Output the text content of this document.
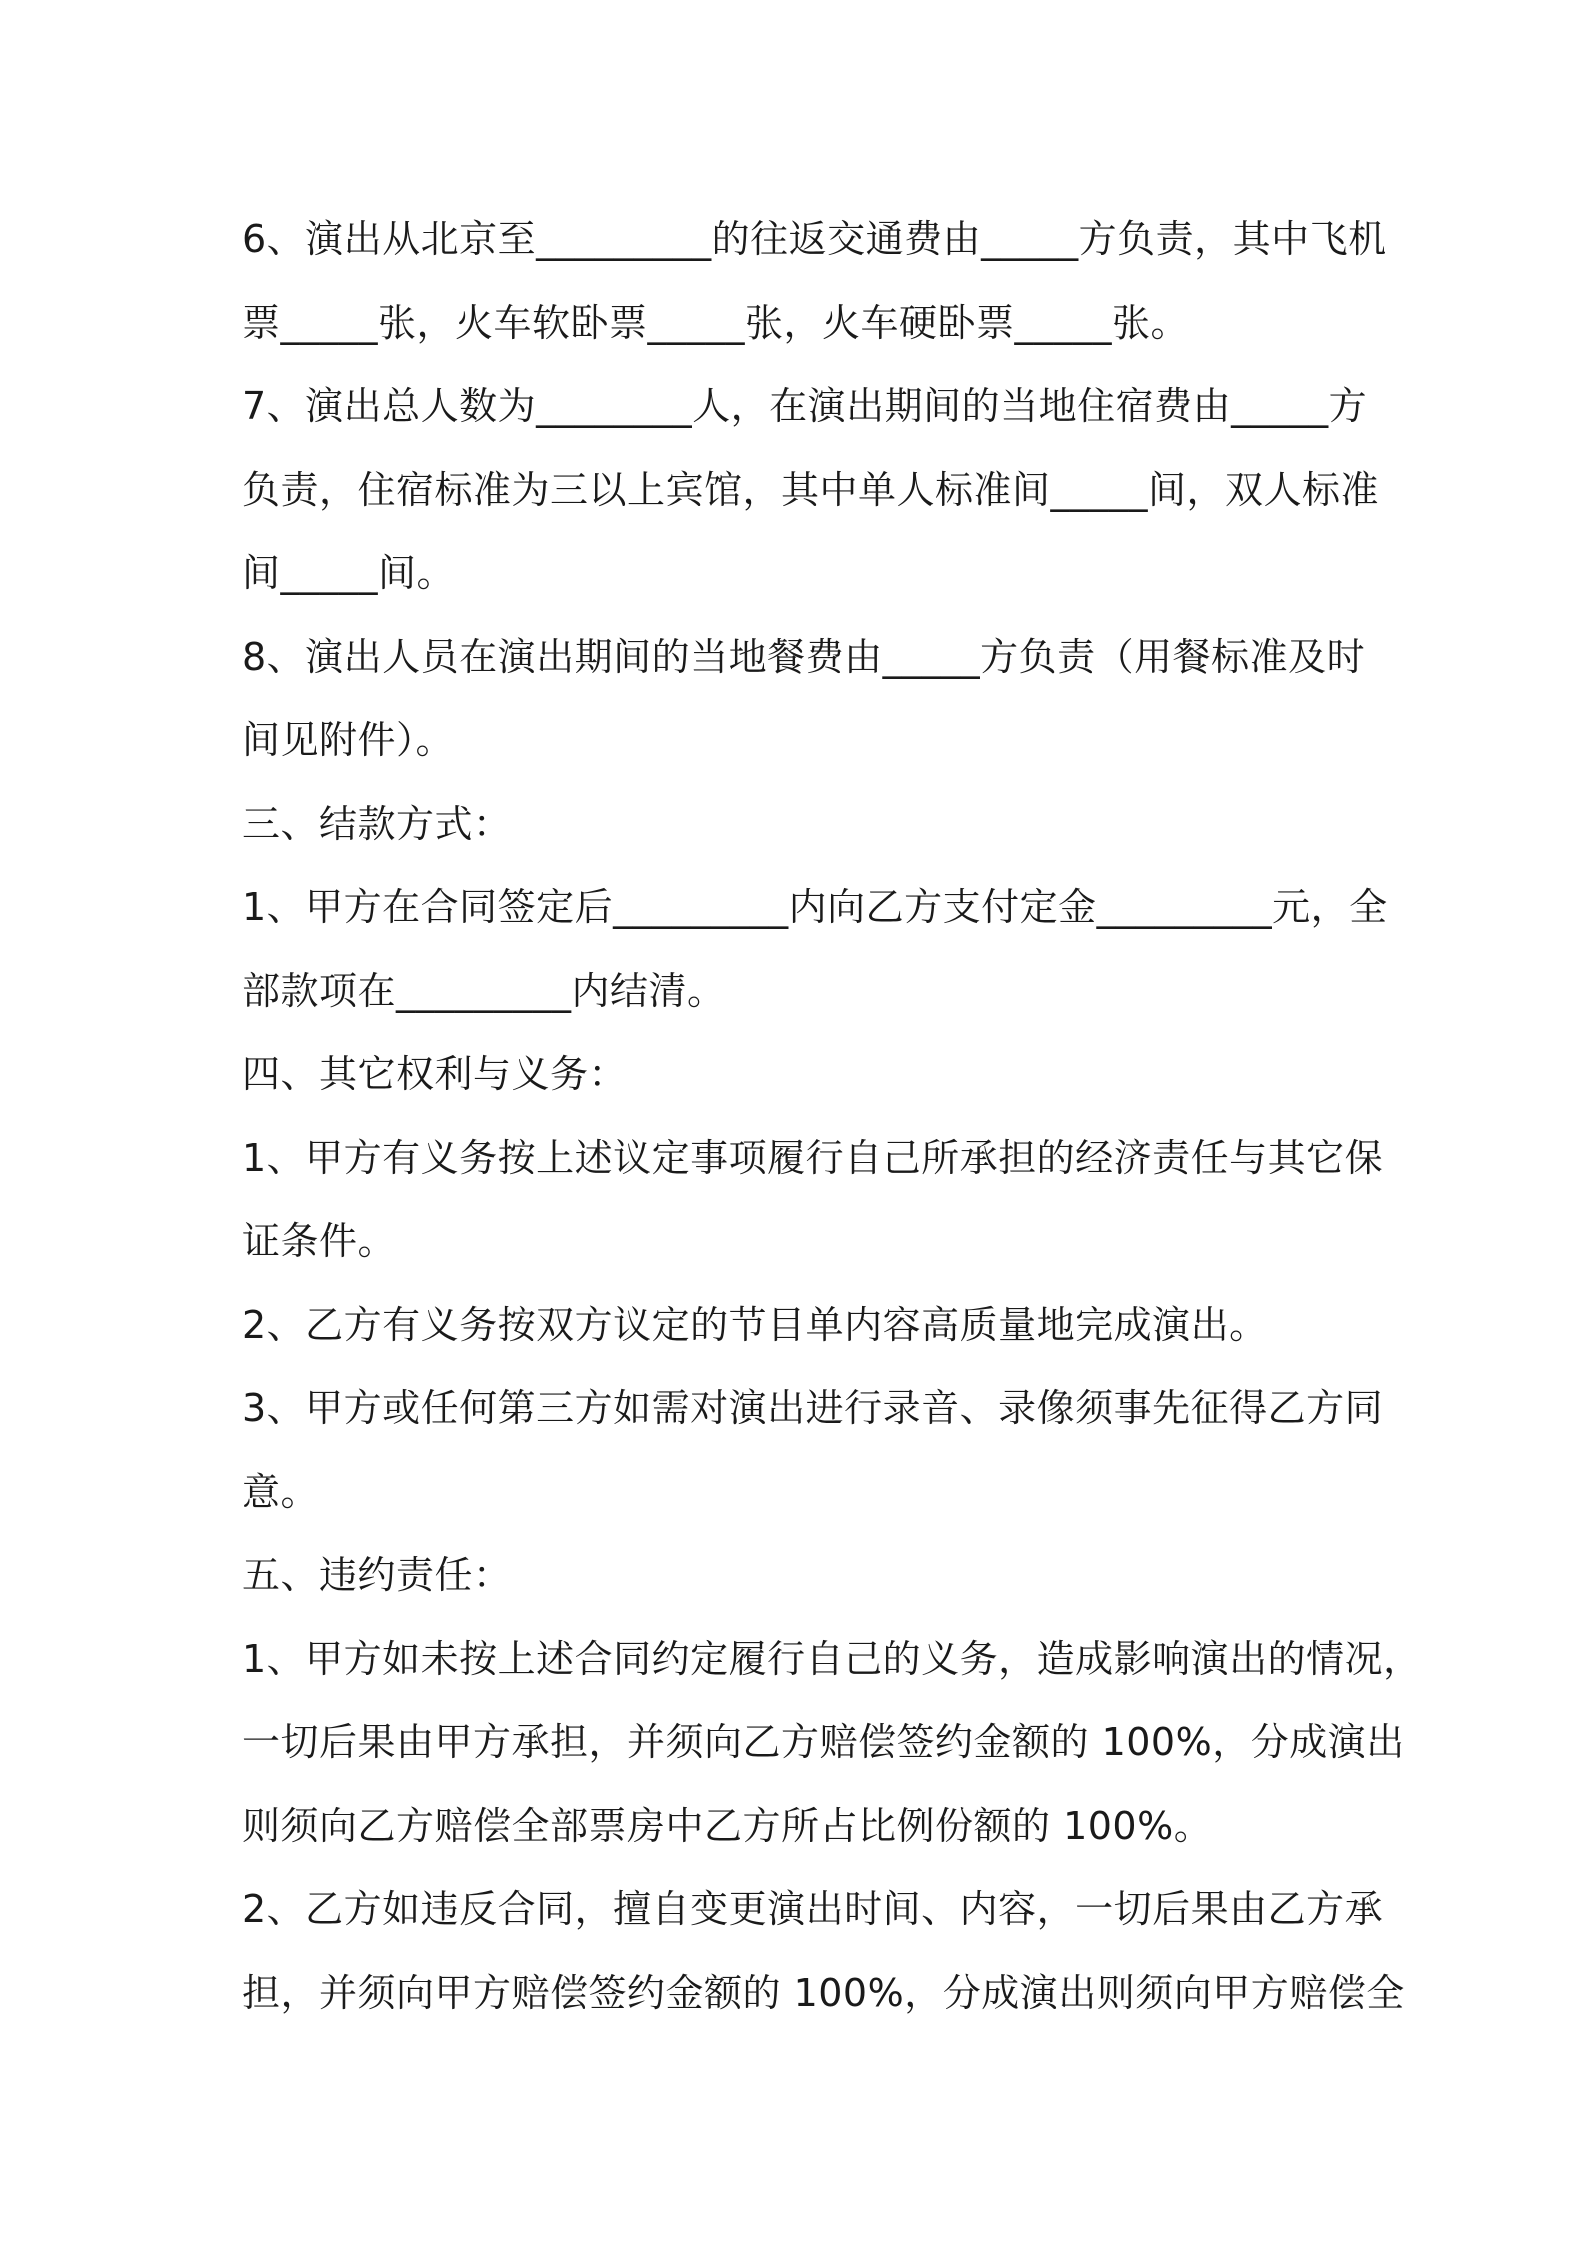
6、演出从北京至_________的往返交通费由_____方负责，其中飞机
票_____张，火车软卧票_____张，火车硬卧票_____张。
7、演出总人数为________人，在演出期间的当地住宿费由_____方
负责，住宿标准为三以上宾馆，其中单人标准间_____间，双人标准
间_____间。
8、演出人员在演出期间的当地餐费由_____方负责（用餐标准及时
间见附件）。
三、结款方式：
1、甲方在合同签定后_________内向乙方支付定金_________元，全
部款项在_________内结清。
四、其它权利与义务：
1、甲方有义务按上述议定事项履行自己所承担的经济责任与其它保
证条件。
2、乙方有义务按双方议定的节目单内容高质量地完成演出。
3、甲方或任何第三方如需对演出进行录音、录像须事先征得乙方同
意。
五、违约责任：
1、甲方如未按上述合同约定履行自己的义务，造成影响演出的情况，
一切后果由甲方承担，并须向乙方赔偿签约金额的 100%，分成演出
则须向乙方赔偿全部票房中乙方所占比例份额的 100%。
2、乙方如违反合同，擅自变更演出时间、内容，一切后果由乙方承
担，并须向甲方赔偿签约金额的 100%，分成演出则须向甲方赔偿全
